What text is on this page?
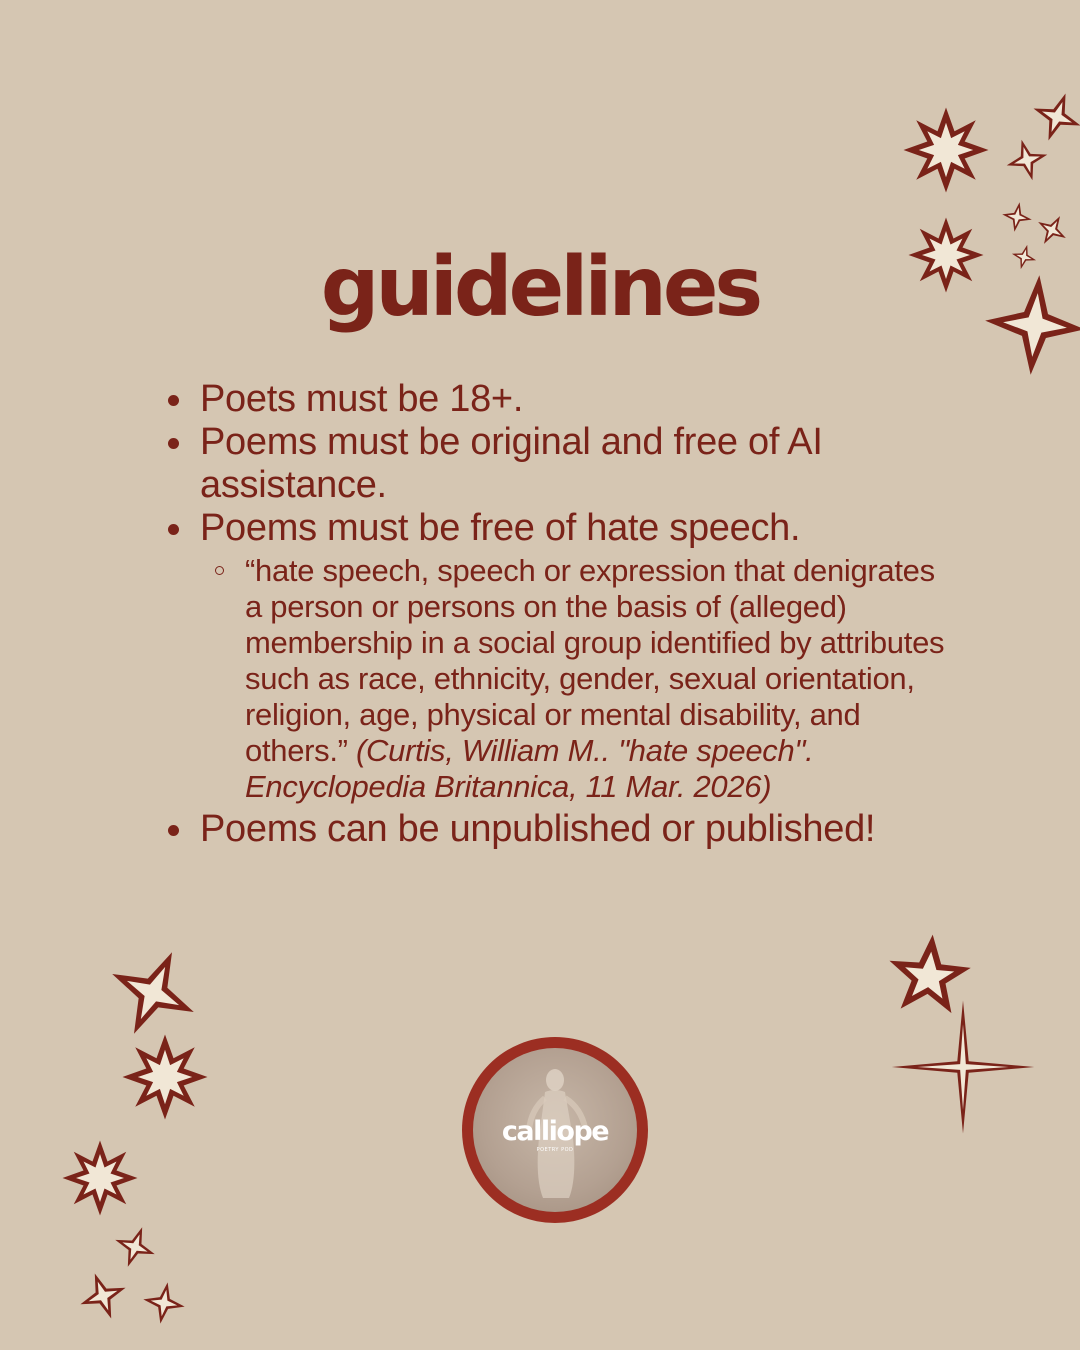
guidelines
Poets must be 18+.
Poems must be original and free of AI assistance.
Poems must be free of hate speech.
“hate speech, speech or expression that denigrates a person or persons on the basis of (alleged) membership in a social group identified by attributes such as race, ethnicity, gender, sexual orientation, religion, age, physical or mental disability, and others.” (Curtis, William M.. "hate speech". Encyclopedia Britannica, 11 Mar. 2026)
Poems can be unpublished or published!
calliope
POETRY POD
